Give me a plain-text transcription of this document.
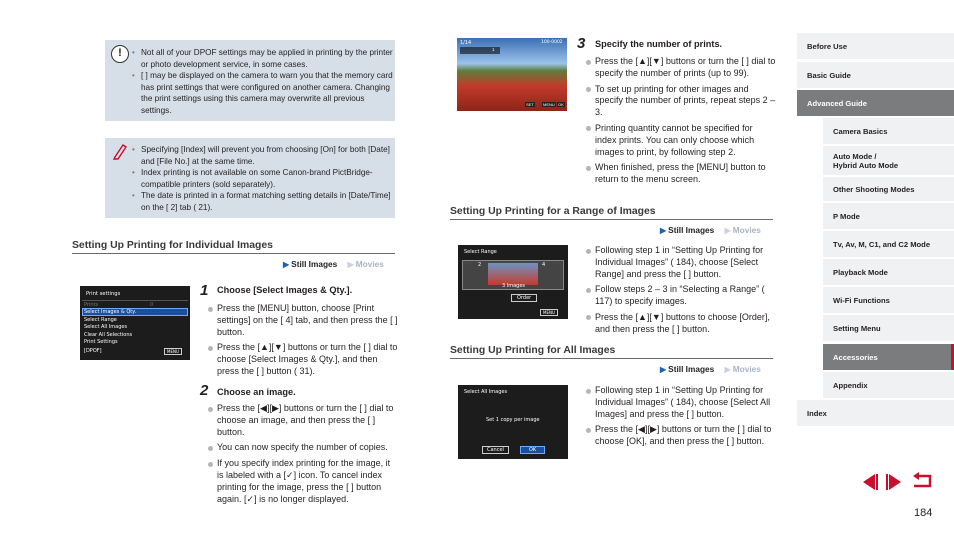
!
•	Not all of your DPOF settings may be applied in printing by the printer or photo development service, in some cases.
• [ ] may be displayed on the camera to warn you that the memory card has print settings that were configured on another camera. Changing the print settings using this camera may overwrite all previous settings.
• Specifying [Index] will prevent you from choosing [On] for both [Date] and [File No.] at the same time.
• Index printing is not available on some Canon-brand PictBridge-compatible printers (sold separately).
• The date is printed in a format matching setting details in [Date/Time] on the [ 2] tab ( 21).
Setting Up Printing for Individual Images
▶ Still Images ▶ Movies
Print settings
Prints	0
Select Images & Qty.
Select Range
Select All Images
Clear All Selections
Print Settings
[DPOF]	MENU
1 Choose [Select Images & Qty.].
Press the [MENU] button, choose [Print settings] on the [ 4] tab, and then press the [ ] button.
Press the [▲][▼] buttons or turn the [ ] dial to choose [Select Images & Qty.], and then press the [ ] button ( 31).
2 Choose an image.
Press the [◀][▶] buttons or turn the [ ] dial to choose an image, and then press the [ ] button.
You can now specify the number of copies.
If you specify index printing for the image, it is labeled with a [✓] icon. To cancel index printing for the image, press the [ ] button again. [✓] is no longer displayed.
1/14	100-0002
1
SET MENU OK
3 Specify the number of prints.
Press the [▲][▼] buttons or turn the [ ] dial to specify the number of prints (up to 99).
To set up printing for other images and specify the number of prints, repeat steps 2 – 3.
Printing quantity cannot be specified for index prints. You can only choose which images to print, by following step 2.
When finished, press the [MENU] button to return to the menu screen.
Setting Up Printing for a Range of Images
▶ Still Images ▶ Movies
Select Range
2	4
3 Images
Order
MENU
Following step 1 in “Setting Up Printing for Individual Images” ( 184), choose [Select Range] and press the [ ] button.
Follow steps 2 – 3 in “Selecting a Range” ( 117) to specify images.
Press the [▲][▼] buttons to choose [Order], and then press the [ ] button.
Setting Up Printing for All Images
▶ Still Images ▶ Movies
Select All Images
Set 1 copy per image
Cancel	OK
Following step 1 in “Setting Up Printing for Individual Images” ( 184), choose [Select All Images] and press the [ ] button.
Press the [◀][▶] buttons or turn the [ ] dial to choose [OK], and then press the [ ] button.
Before Use
Basic Guide
Advanced Guide
Camera Basics
Auto Mode /
Hybrid Auto Mode
Other Shooting Modes
P Mode
Tv, Av, M, C1, and C2 Mode
Playback Mode
Wi-Fi Functions
Setting Menu
Accessories
Appendix
Index
184
